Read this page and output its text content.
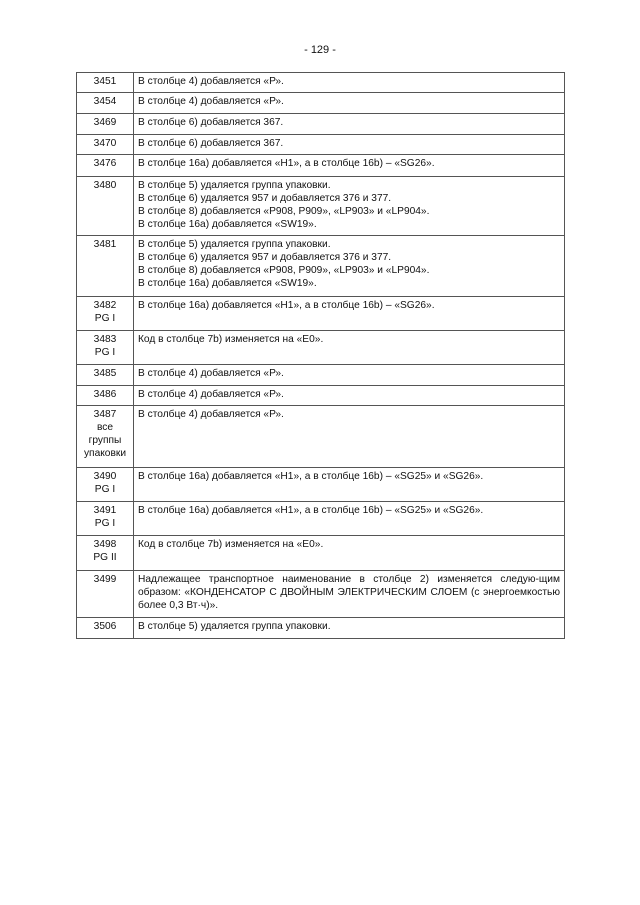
- 129 -
3451	В столбце 4) добавляется «Р».
3454	В столбце 4) добавляется «Р».
3469	В столбце 6) добавляется 367.
3470	В столбце 6) добавляется 367.
3476	В столбце 16а) добавляется «Н1», а в столбце 16b) – «SG26».
3480	В столбце 5) удаляется группа упаковки.
В столбце 6) удаляется 957 и добавляется 376 и 377.
В столбце 8) добавляется «Р908, Р909», «LP903» и «LP904».
В столбце 16а) добавляется «SW19».
3481	В столбце 5) удаляется группа упаковки.
В столбце 6) удаляется 957 и добавляется 376 и 377.
В столбце 8) добавляется «Р908, Р909», «LP903» и «LP904».
В столбце 16а) добавляется «SW19».
3482
PG I	В столбце 16а) добавляется «Н1», а в столбце 16b) – «SG26».
3483
PG I	Код в столбце 7b) изменяется на «Е0».
3485	В столбце 4) добавляется «Р».
3486	В столбце 4) добавляется «Р».
3487
все
группы
упаковки	В столбце 4) добавляется «Р».
3490
PG I	В столбце 16а) добавляется «Н1», а в столбце 16b) – «SG25» и «SG26».
3491
PG I	В столбце 16а) добавляется «Н1», а в столбце 16b) – «SG25» и «SG26».
3498
PG II	Код в столбце 7b) изменяется на «Е0».
3499	Надлежащее транспортное наименование в столбце 2) изменяется следую-щим образом: «КОНДЕНСАТОР С ДВОЙНЫМ ЭЛЕКТРИЧЕСКИМ СЛОЕМ (с энергоемкостью более 0,3 Вт·ч)».
3506	В столбце 5) удаляется группа упаковки.
